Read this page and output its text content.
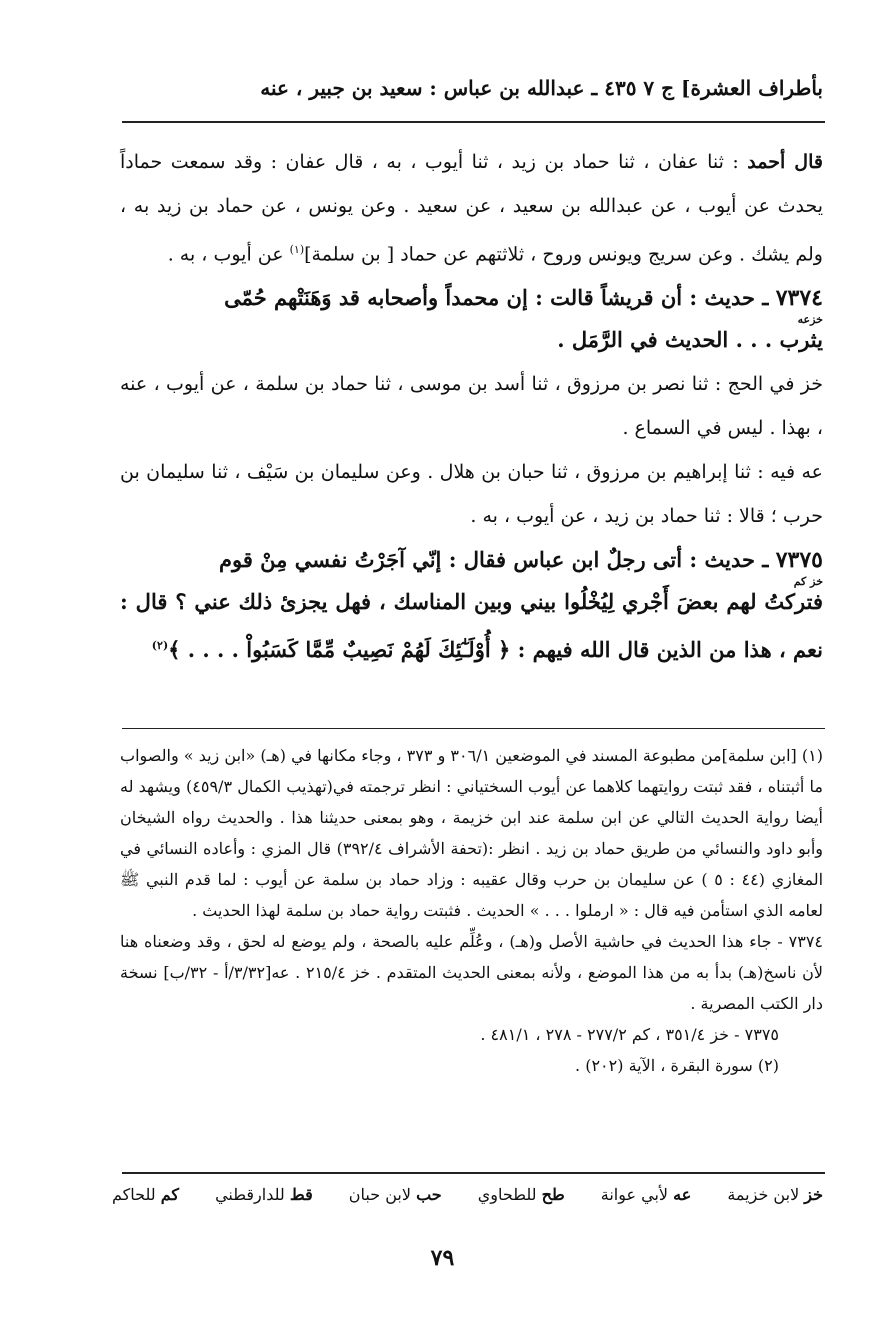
بأطراف العشرة] ج ٧ ٤٣٥ ـ عبدالله بن عباس : سعيد بن جبير ، عنه

قال أحمد : ثنا عفان ، ثنا حماد بن زيد ، ثنا أيوب ، به ، قال عفان : وقد سمعت حماداً يحدث عن أيوب ، عن عبدالله بن سعيد ، عن سعيد . وعن يونس ، عن حماد بن زيد به ، ولم يشك . وعن سريج ويونس وروح ، ثلاثتهم عن حماد [ بن سلمة]$^{(١)}$ عن أيوب ، به .

٧٣٧٤ ـ حديث : أن قريشاً قالت : إن محمداً وأصحابه قد وَهَنَتْهم حُمّى
خزعه
يثرب . . . الحديث في الرَّمَل .

خز في الحج : ثنا نصر بن مرزوق ، ثنا أسد بن موسى ، ثنا حماد بن سلمة ، عن أيوب ، عنه ، بهذا . ليس في السماع .

عه فيه : ثنا إبراهيم بن مرزوق ، ثنا حبان بن هلال . وعن سليمان بن سَيْف ، ثنا سليمان بن حرب ؛ قالا : ثنا حماد بن زيد ، عن أيوب ، به .

٧٣٧٥ ـ حديث : أتى رجلٌ ابن عباس فقال : إنّي آجَرْتُ نفسي مِنْ قوم
خز كم
فتركتُ لهم بعضَ أَجْري لِيُخْلُوا بيني وبين المناسك ، فهل يجزئ ذلك عني ؟ قال : نعم ، هذا من الذين قال الله فيهم : ﴿ أُوْلَـٰٓئِكَ لَهُمْ نَصِيبٌ مِّمَّا كَسَبُواْ . . . . ﴾$^{(٢)}$

(١) [ابن سلمة]من مطبوعة المسند في الموضعين ٣٠٦/١ و ٣٧٣ ، وجاء مكانها في (هـ) «ابن زيد » والصواب ما أثبتناه ، فقد ثبتت روايتهما كلاهما عن أيوب السختياني : انظر ترجمته في(تهذيب الكمال ٤٥٩/٣) ويشهد له أيضا رواية الحديث التالي عن ابن سلمة عند ابن خزيمة ، وهو بمعنى حديثنا هذا . والحديث رواه الشيخان وأبو داود والنسائي من طريق حماد بن زيد . انظر :(تحفة الأشراف ٣٩٢/٤) قال المزي : وأعاده النسائي في المغازي (٤٤ : ٥ ) عن سليمان بن حرب وقال عقيبه : وزاد حماد بن سلمة عن أيوب : لما قدم النبي ﷺ لعامه الذي استأمن فيه قال : « ارملوا . . . » الحديث . فثبتت رواية حماد بن سلمة لهذا الحديث .

٧٣٧٤ - جاء هذا الحديث في حاشية الأصل و(هـ) ، وعُلِّم عليه بالصحة ، ولم يوضع له لحق ، وقد وضعناه هنا لأن ناسخ(هـ) بدأ به من هذا الموضع ، ولأنه بمعنى الحديث المتقدم . خز ٢١٥/٤ . عه[٣/٣٢/أ - ٣٢/ب] نسخة دار الكتب المصرية .

٧٣٧٥ - خز ٣٥١/٤ ، كم ٢٧٧/٢ - ٢٧٨ ، ٤٨١/١ .

(٢) سورة البقرة ، الآية (٢٠٢) .

خز لابن خزيمة
عه لأبي عوانة
طح للطحاوي
حب لابن حبان
قط للدارقطني
كم للحاكم
٧٩
